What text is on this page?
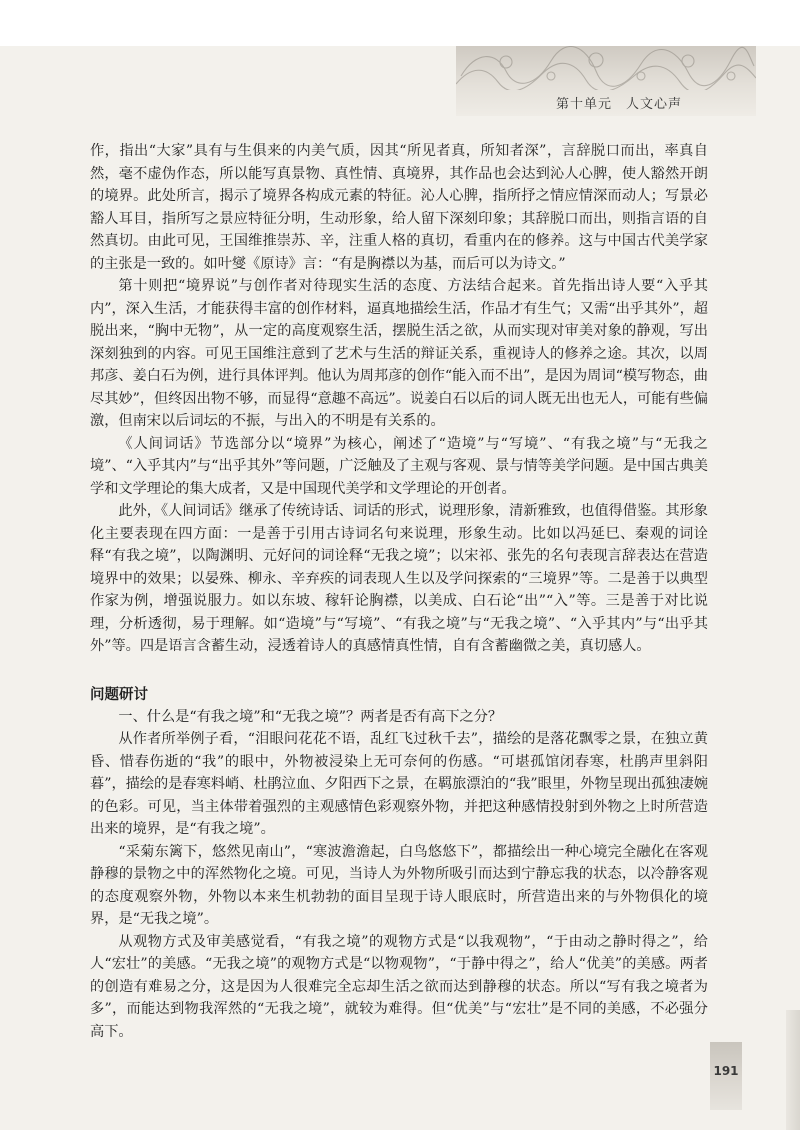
第十单元　人文心声

作，指出“大家”具有与生俱来的内美气质，因其“所见者真，所知者深”，言辞脱口而出，率真自然，毫不虚伪作态，所以能写真景物、真性情、真境界，其作品也会达到沁人心脾，使人豁然开朗的境界。此处所言，揭示了境界各构成元素的特征。沁人心脾，指所抒之情应情深而动人；写景必豁人耳目，指所写之景应特征分明，生动形象，给人留下深刻印象；其辞脱口而出，则指言语的自然真切。由此可见，王国维推崇苏、辛，注重人格的真切，看重内在的修养。这与中国古代美学家的主张是一致的。如叶燮《原诗》言：“有是胸襟以为基，而后可以为诗文。”

第十则把“境界说”与创作者对待现实生活的态度、方法结合起来。首先指出诗人要“入乎其内”，深入生活，才能获得丰富的创作材料，逼真地描绘生活，作品才有生气；又需“出乎其外”，超脱出来，“胸中无物”，从一定的高度观察生活，摆脱生活之欲，从而实现对审美对象的静观，写出深刻独到的内容。可见王国维注意到了艺术与生活的辩证关系，重视诗人的修养之途。其次，以周邦彦、姜白石为例，进行具体评判。他认为周邦彦的创作“能入而不出”，是因为周词“模写物态，曲尽其妙”，但终因出物不够，而显得“意趣不高远”。说姜白石以后的词人既无出也无人，可能有些偏激，但南宋以后词坛的不振，与出入的不明是有关系的。

《人间词话》节选部分以“境界”为核心，阐述了“造境”与“写境”、“有我之境”与“无我之境”、“入乎其内”与“出乎其外”等问题，广泛触及了主观与客观、景与情等美学问题。是中国古典美学和文学理论的集大成者，又是中国现代美学和文学理论的开创者。

此外，《人间词话》继承了传统诗话、词话的形式，说理形象，清新雅致，也值得借鉴。其形象化主要表现在四方面：一是善于引用古诗词名句来说理，形象生动。比如以冯延巳、秦观的词诠释“有我之境”，以陶渊明、元好问的词诠释“无我之境”；以宋祁、张先的名句表现言辞表达在营造境界中的效果；以晏殊、柳永、辛弃疾的词表现人生以及学问探索的“三境界”等。二是善于以典型作家为例，增强说服力。如以东坡、稼轩论胸襟，以美成、白石论“出”“入”等。三是善于对比说理，分析透彻，易于理解。如“造境”与“写境”、“有我之境”与“无我之境”、“入乎其内”与“出乎其外”等。四是语言含蓄生动，浸透着诗人的真感情真性情，自有含蓄幽微之美，真切感人。

问题研讨

一、什么是“有我之境”和“无我之境”？两者是否有高下之分？

从作者所举例子看，“泪眼问花花不语，乱红飞过秋千去”，描绘的是落花飘零之景，在独立黄昏、惜春伤逝的“我”的眼中，外物被浸染上无可奈何的伤感。“可堪孤馆闭春寒，杜鹃声里斜阳暮”，描绘的是春寒料峭、杜鹃泣血、夕阳西下之景，在羁旅漂泊的“我”眼里，外物呈现出孤独凄婉的色彩。可见，当主体带着强烈的主观感情色彩观察外物，并把这种感情投射到外物之上时所营造出来的境界，是“有我之境”。

“采菊东篱下，悠然见南山”，“寒波澹澹起，白鸟悠悠下”，都描绘出一种心境完全融化在客观静穆的景物之中的浑然物化之境。可见，当诗人为外物所吸引而达到宁静忘我的状态，以冷静客观的态度观察外物，外物以本来生机勃勃的面目呈现于诗人眼底时，所营造出来的与外物俱化的境界，是“无我之境”。

从观物方式及审美感觉看，“有我之境”的观物方式是“以我观物”，“于由动之静时得之”，给人“宏壮”的美感。“无我之境”的观物方式是“以物观物”，“于静中得之”，给人“优美”的美感。两者的创造有难易之分，这是因为人很难完全忘却生活之欲而达到静穆的状态。所以“写有我之境者为多”，而能达到物我浑然的“无我之境”，就较为难得。但“优美”与“宏壮”是不同的美感，不必强分高下。

191
